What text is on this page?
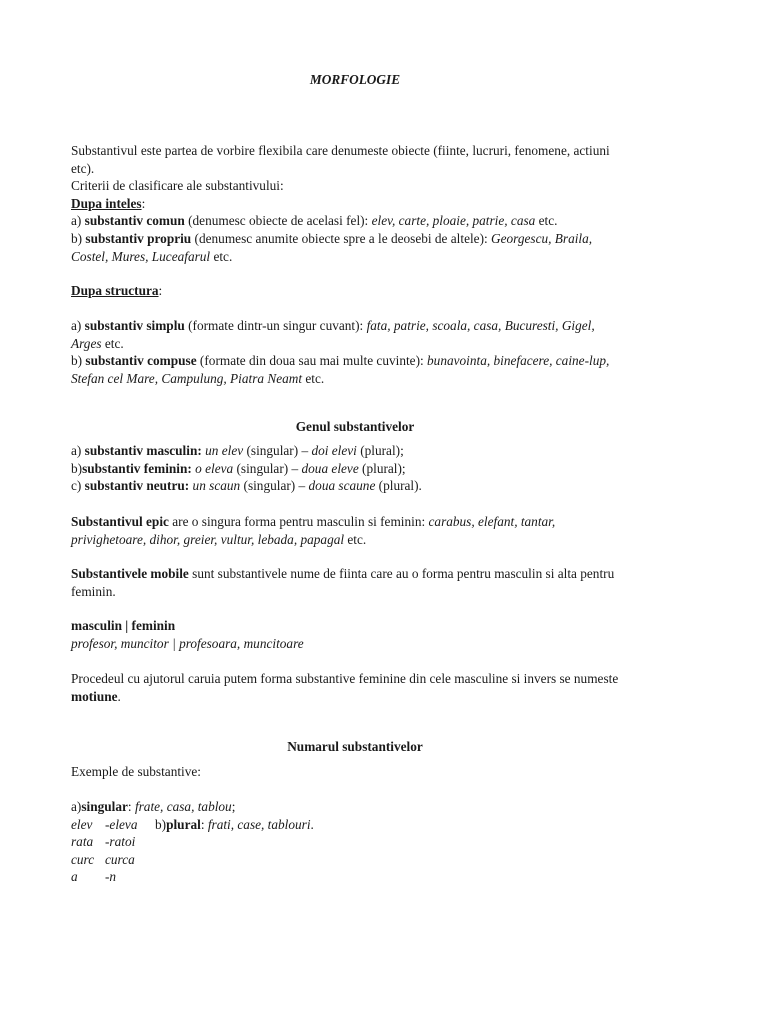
MORFOLOGIE

Substantivul este partea de vorbire flexibila care denumeste obiecte (fiinte, lucruri, fenomene, actiuni

etc).

Criterii de clasificare ale substantivului:

Dupa inteles:

a) substantiv comun (denumesc obiecte de acelasi fel): elev, carte, ploaie, patrie, casa etc.

b) substantiv propriu (denumesc anumite obiecte spre a le deosebi de altele): Georgescu, Braila,

Costel, Mures, Luceafarul etc.

Dupa structura:

a) substantiv simplu (formate dintr-un singur cuvant): fata, patrie, scoala, casa, Bucuresti, Gigel,

Arges etc.

b) substantiv compuse (formate din doua sau mai multe cuvinte): bunavointa, binefacere, caine-lup,

Stefan cel Mare, Campulung, Piatra Neamt etc.

Genul substantivelor

a) substantiv masculin: un elev (singular) – doi elevi (plural);

b)substantiv feminin: o eleva (singular) – doua eleve (plural);

c) substantiv neutru: un scaun (singular) – doua scaune (plural).

Substantivul epic are o singura forma pentru masculin si feminin: carabus, elefant, tantar,

privighetoare, dihor, greier, vultur, lebada, papagal etc.

Substantivele mobile sunt substantivele nume de fiinta care au o forma pentru masculin si alta pentru

feminin.

masculin | feminin

profesor, muncitor | profesoara, muncitoare

Procedeul cu ajutorul caruia putem forma substantive feminine din cele masculine si invers se numeste

motiune.

Numarul substantivelor

Exemple de substantive:

a)singular: frate, casa, tablou;

elev -eleva b)plural: frati, case, tablouri.
rata -ratoi
curc curca
a -n
